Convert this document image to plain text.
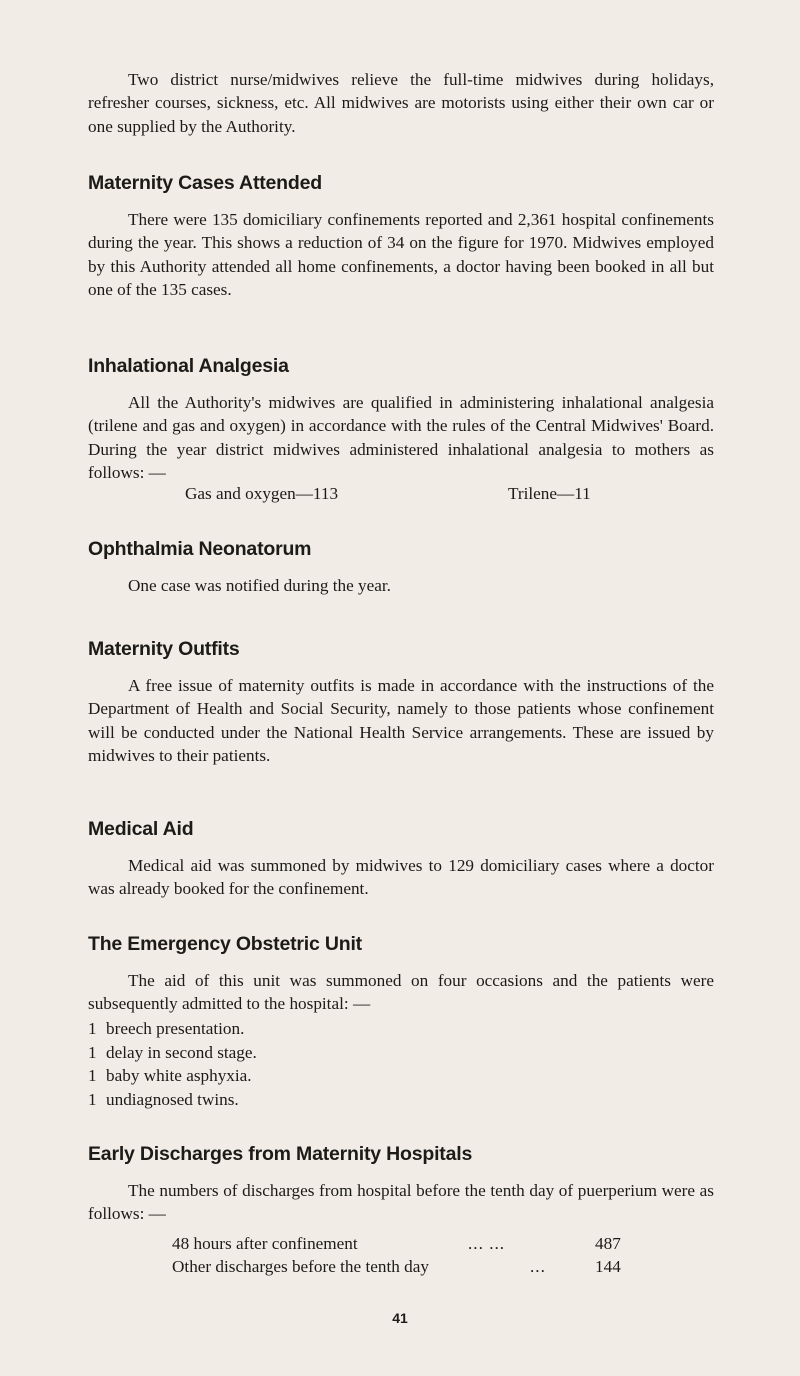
Two district nurse/midwives relieve the full-time midwives during holidays, refresher courses, sickness, etc. All midwives are motorists using either their own car or one supplied by the Authority.

Maternity Cases Attended

There were 135 domiciliary confinements reported and 2,361 hospital confinements during the year. This shows a reduction of 34 on the figure for 1970. Midwives employed by this Authority attended all home confinements, a doctor having been booked in all but one of the 135 cases.

Inhalational Analgesia

All the Authority's midwives are qualified in administering inhalational analgesia (trilene and gas and oxygen) in accordance with the rules of the Central Midwives' Board. During the year district midwives administered inhalational analgesia to mothers as follows: —

Gas and oxygen—113	Trilene—11
Ophthalmia Neonatorum

One case was notified during the year.

Maternity Outfits

A free issue of maternity outfits is made in accordance with the instructions of the Department of Health and Social Security, namely to those patients whose confinement will be conducted under the National Health Service arrangements. These are issued by midwives to their patients.

Medical Aid

Medical aid was summoned by midwives to 129 domiciliary cases where a doctor was already booked for the confinement.

The Emergency Obstetric Unit

The aid of this unit was summoned on four occasions and the patients were subsequently admitted to the hospital: —

1 breech presentation.
1 delay in second stage.
1 baby white asphyxia.
1 undiagnosed twins.
Early Discharges from Maternity Hospitals

The numbers of discharges from hospital before the tenth day of puerperium were as follows: —

48 hours after confinement	... ...	487
Other discharges before the tenth day	...	144
41
